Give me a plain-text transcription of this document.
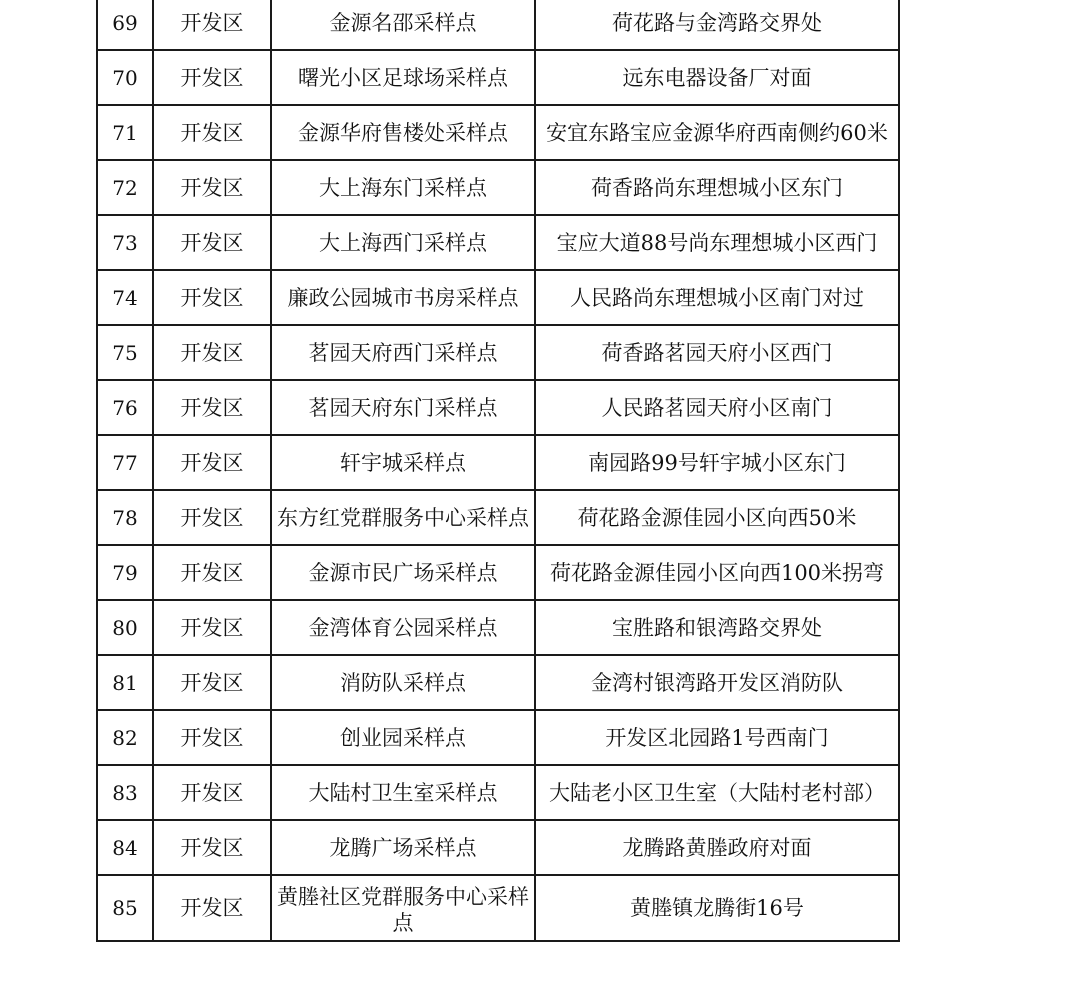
69	开发区	金源名邵采样点	荷花路与金湾路交界处
70	开发区	曙光小区足球场采样点	远东电器设备厂对面
71	开发区	金源华府售楼处采样点	安宜东路宝应金源华府西南侧约60米
72	开发区	大上海东门采样点	荷香路尚东理想城小区东门
73	开发区	大上海西门采样点	宝应大道88号尚东理想城小区西门
74	开发区	廉政公园城市书房采样点	人民路尚东理想城小区南门对过
75	开发区	茗园天府西门采样点	荷香路茗园天府小区西门
76	开发区	茗园天府东门采样点	人民路茗园天府小区南门
77	开发区	轩宇城采样点	南园路99号轩宇城小区东门
78	开发区	东方红党群服务中心采样点	荷花路金源佳园小区向西50米
79	开发区	金源市民广场采样点	荷花路金源佳园小区向西100米拐弯
80	开发区	金湾体育公园采样点	宝胜路和银湾路交界处
81	开发区	消防队采样点	金湾村银湾路开发区消防队
82	开发区	创业园采样点	开发区北园路1号西南门
83	开发区	大陆村卫生室采样点	大陆老小区卫生室（大陆村老村部）
84	开发区	龙腾广场采样点	龙腾路黄塍政府对面
85	开发区	黄塍社区党群服务中心采样点	黄塍镇龙腾街16号
